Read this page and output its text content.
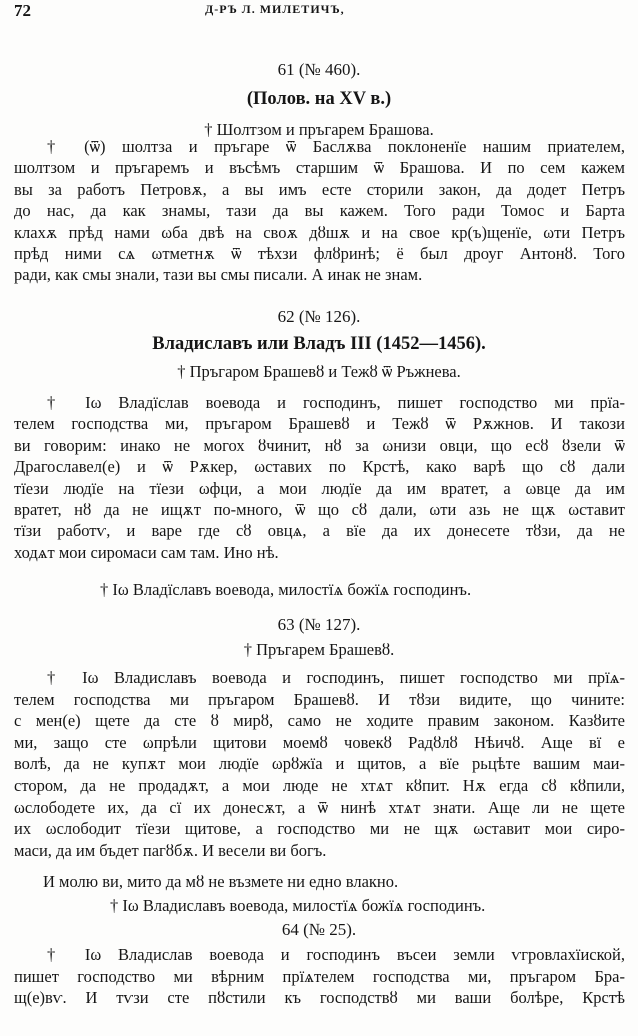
72	Д-РЪ Л. МИЛЕТИЧЪ,
61 (№ 460).
(Полов. на XV в.)
† Шолтзом и пръгарем Брашова.
† (ѿ) шолтза и пръгаре ѿ Баслѫва поклоненїе нашим приателем,
шолтзом и пръгаремъ и въсѣмъ старшим ѿ Брашова. И по сем кажем
вы за работъ Петровѫ, а вы имъ есте сторили закон, да додет Петръ
до нас, да как знамы, тази да вы кажем. Того ради Томос и Барта
клахѫ прѣд нами ωба двѣ на своѫ дȣшѫ и на свое кр(ъ)щенїе, ωти Петръ
прѣд ними сѧ ωтметнѫ ѿ тѣхзи флȣринѣ; ё был дроуг Антонȣ. Того
ради, как смы знали, тази вы смы писали. А инак не знам.
62 (№ 126).
Владиславъ или Владъ III (1452—1456).
† Пръгаром Брашевȣ и Тежȣ ѿ Ръжнева.
† Ιω Владїслав воевода и господинъ, пишет господство ми прїа-
телем господства ми, пръгаром Брашевȣ и Тежȣ ѿ Рѫжнов. И такози
ви говорим: инако не могох ȣчинит, нȣ за ωнизи овци, що есȣ ȣзели ѿ
Драгославел(е) и ѿ Рѫкер, ωставих по Крстѣ, како варѣ що сȣ дали
тїези людїе на тїези ωфци, а мои людїе да им вратет, а ωвце да им
вратет, нȣ да не ищѫт по-много, ѿ що сȣ дали, ωти азь не щѫ ωставит
тїзи работѵ, и варе где сȣ овцѧ, а вїе да их донесете тȣзи, да не
ходѧт мои сиромаси сам там. Ино нѣ.
† Ιω Владїславъ воевода, милостїѧ божїѧ господинъ.
63 (№ 127).
† Пръгарем Брашевȣ.
† Ιω Владиславъ воевода и господинъ, пишет господство ми прїѧ-
телем господства ми пръгаром Брашевȣ. И тȣзи видите, що чините:
с мен(е) щете да сте ȣ мирȣ, само не ходите правим законом. Казȣите
ми, защо сте ωпрѣли щитови моемȣ човекȣ Радȣлȣ Нѣичȣ. Аще вї е
волѣ, да не купѫт мои людїе ωрȣжїа и щитов, а вїе рьцѣте вашим маи-
стором, да не продадѫт, а мои люде не хтѧт кȣпит. Нѫ егда сȣ кȣпили,
ωслободете их, да сї их донесѫт, а ѿ нинѣ хтѧт знати. Аще ли не щете
их ωслободит тїези щитове, а господство ми не щѫ ωставит мои сиро-
маси, да им бъдет пагȣбѫ. И весели ви богъ.
И молю ви, мито да мȣ не възмете ни едно влакно.
† Ιω Владиславъ воевода, милостїѧ божїѧ господинъ.
64 (№ 25).
† Ιω Владислав воевода и господинъ въсеи земли ѵгровлахїиской,
пишет господство ми вѣрним прїѧтелем господства ми, пръгаром Бра-
щ(е)вѵ. И тѵзи сте пȣстили къ господствȣ ми ваши болѣре, Крстѣ
